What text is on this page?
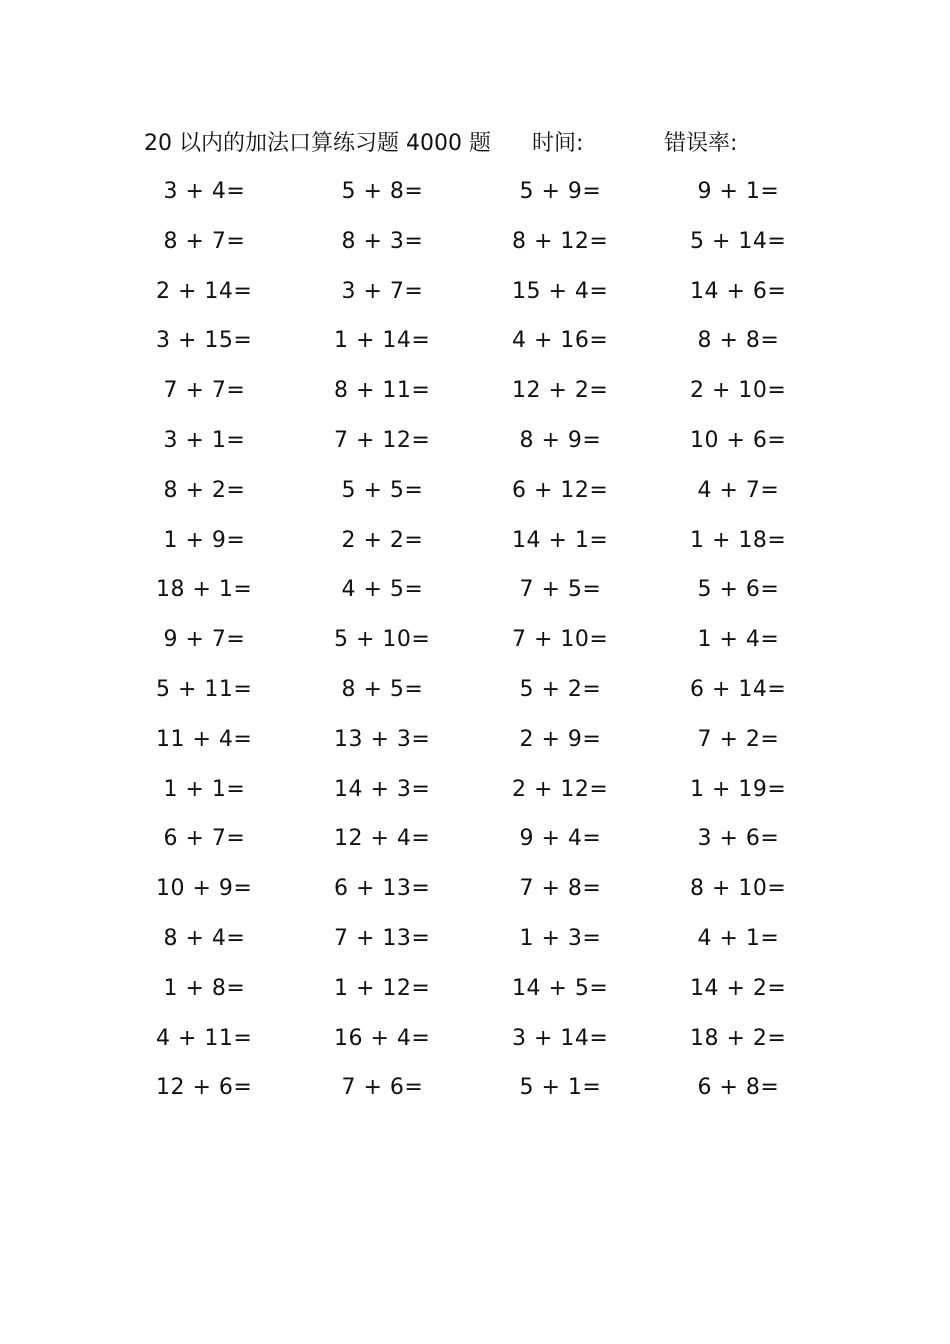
20 以内的加法口算练习题 4000 题 时间:	错误率:
3 + 4=	5 + 8=	5 + 9=	9 + 1=
8 + 7=	8 + 3=	8 + 12=	5 + 14=
2 + 14=	3 + 7=	15 + 4=	14 + 6=
3 + 15=	1 + 14=	4 + 16=	8 + 8=
7 + 7=	8 + 11=	12 + 2=	2 + 10=
3 + 1=	7 + 12=	8 + 9=	10 + 6=
8 + 2=	5 + 5=	6 + 12=	4 + 7=
1 + 9=	2 + 2=	14 + 1=	1 + 18=
18 + 1=	4 + 5=	7 + 5=	5 + 6=
9 + 7=	5 + 10=	7 + 10=	1 + 4=
5 + 11=	8 + 5=	5 + 2=	6 + 14=
11 + 4=	13 + 3=	2 + 9=	7 + 2=
1 + 1=	14 + 3=	2 + 12=	1 + 19=
6 + 7=	12 + 4=	9 + 4=	3 + 6=
10 + 9=	6 + 13=	7 + 8=	8 + 10=
8 + 4=	7 + 13=	1 + 3=	4 + 1=
1 + 8=	1 + 12=	14 + 5=	14 + 2=
4 + 11=	16 + 4=	3 + 14=	18 + 2=
12 + 6=	7 + 6=	5 + 1=	6 + 8=
